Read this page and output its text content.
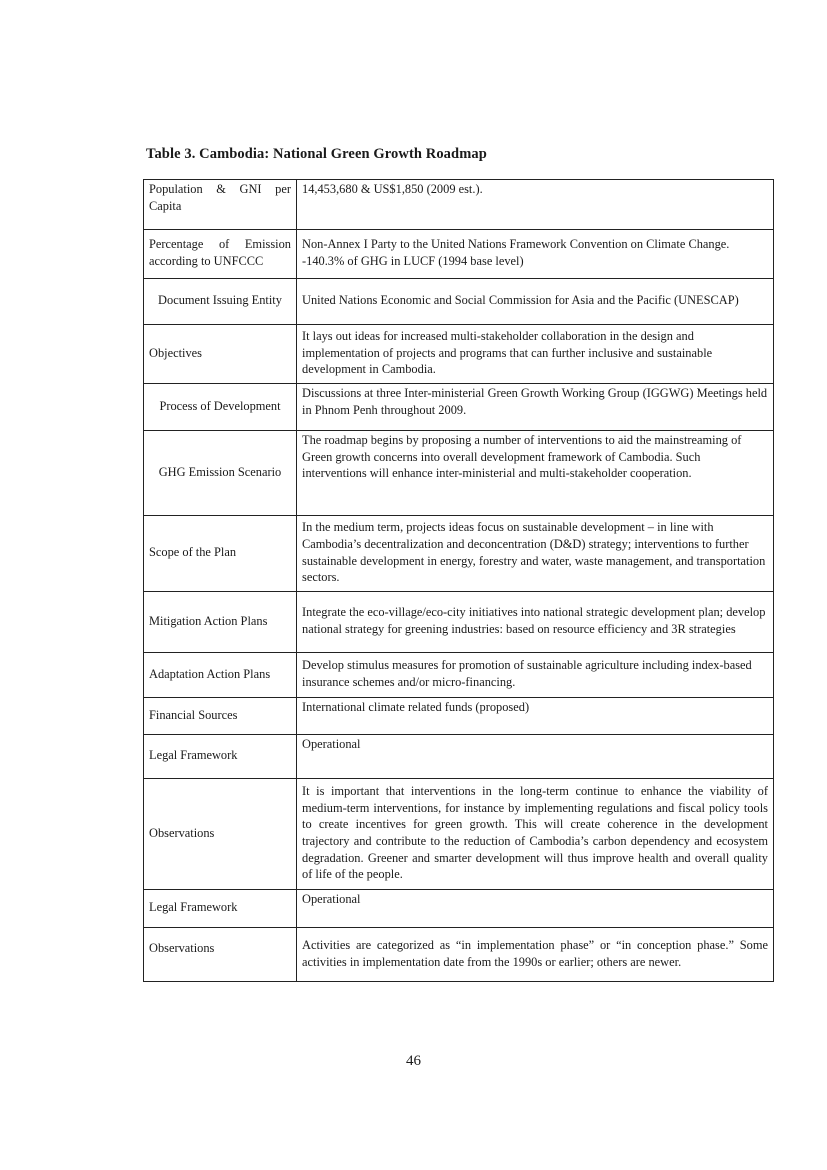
Table 3. Cambodia: National Green Growth Roadmap
Population & GNI per Capita	14,453,680 & US$1,850 (2009 est.).
Percentage of Emission according to UNFCCC	Non-Annex I Party to the United Nations Framework Convention on Climate Change. -140.3% of GHG in LUCF (1994 base level)
Document Issuing Entity	United Nations Economic and Social Commission for Asia and the Pacific (UNESCAP)
Objectives	It lays out ideas for increased multi-stakeholder collaboration in the design and implementation of projects and programs that can further inclusive and sustainable development in Cambodia.
Process of Development	Discussions at three Inter-ministerial Green Growth Working Group (IGGWG) Meetings held in Phnom Penh throughout 2009.
GHG Emission Scenario	The roadmap begins by proposing a number of interventions to aid the mainstreaming of Green growth concerns into overall development framework of Cambodia. Such interventions will enhance inter-ministerial and multi-stakeholder cooperation.
Scope of the Plan	In the medium term, projects ideas focus on sustainable development – in line with Cambodia’s decentralization and deconcentration (D&D) strategy; interventions to further sustainable development in energy, forestry and water, waste management, and transportation sectors.
Mitigation Action Plans	Integrate the eco-village/eco-city initiatives into national strategic development plan; develop national strategy for greening industries: based on resource efficiency and 3R strategies
Adaptation Action Plans	Develop stimulus measures for promotion of sustainable agriculture including index-based insurance schemes and/or micro-financing.
Financial Sources	International climate related funds (proposed)
Legal Framework	Operational
Observations	It is important that interventions in the long-term continue to enhance the viability of medium-term interventions, for instance by implementing regulations and fiscal policy tools to create incentives for green growth. This will create coherence in the development trajectory and contribute to the reduction of Cambodia’s carbon dependency and ecosystem degradation. Greener and smarter development will thus improve health and overall quality of life of the people.
Legal Framework	Operational
Observations	Activities are categorized as “in implementation phase” or “in conception phase.” Some activities in implementation date from the 1990s or earlier; others are newer.
46
